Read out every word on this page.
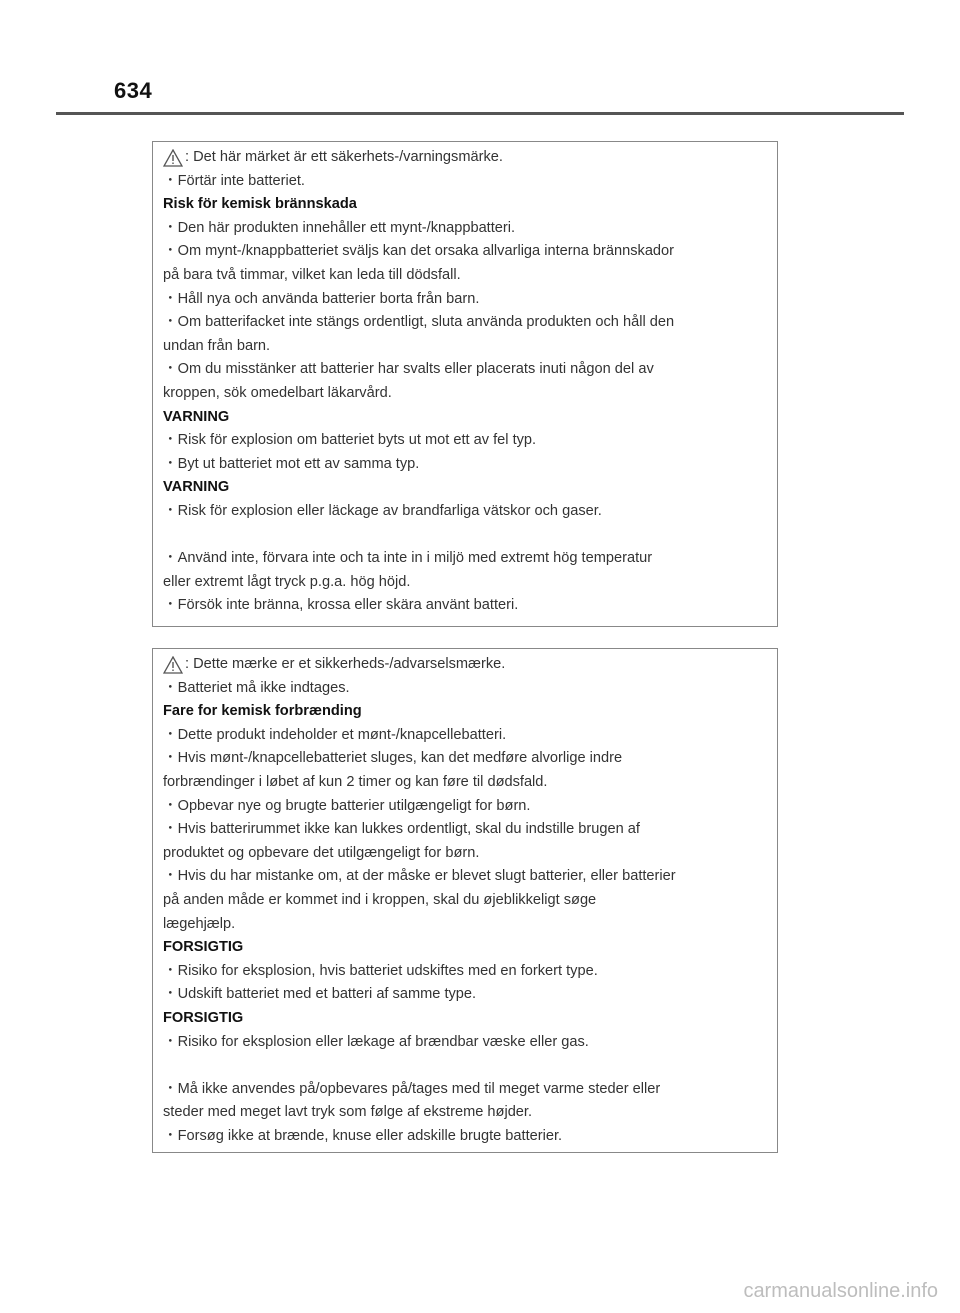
634
: Det här märket är ett säkerhets-/varningsmärke.
・Förtär inte batteriet.
Risk för kemisk brännskada
・Den här produkten innehåller ett mynt-/knappbatteri.
・Om mynt-/knappbatteriet sväljs kan det orsaka allvarliga interna brännskador
på bara två timmar, vilket kan leda till dödsfall.
・Håll nya och använda batterier borta från barn.
・Om batterifacket inte stängs ordentligt, sluta använda produkten och håll den
undan från barn.
・Om du misstänker att batterier har svalts eller placerats inuti någon del av
kroppen, sök omedelbart läkarvård.
VARNING
・Risk för explosion om batteriet byts ut mot ett av fel typ.
・Byt ut batteriet mot ett av samma typ.
VARNING
・Risk för explosion eller läckage av brandfarliga vätskor och gaser.
・Använd inte, förvara inte och ta inte in i miljö med extremt hög temperatur
eller extremt lågt tryck p.g.a. hög höjd.
・Försök inte bränna, krossa eller skära använt batteri.
: Dette mærke er et sikkerheds-/advarselsmærke.
・Batteriet må ikke indtages.
Fare for kemisk forbrænding
・Dette produkt indeholder et mønt-/knapcellebatteri.
・Hvis mønt-/knapcellebatteriet sluges, kan det medføre alvorlige indre
forbrændinger i løbet af kun 2 timer og kan føre til dødsfald.
・Opbevar nye og brugte batterier utilgængeligt for børn.
・Hvis batterirummet ikke kan lukkes ordentligt, skal du indstille brugen af
produktet og opbevare det utilgængeligt for børn.
・Hvis du har mistanke om, at der måske er blevet slugt batterier, eller batterier
på anden måde er kommet ind i kroppen, skal du øjeblikkeligt søge
lægehjælp.
FORSIGTIG
・Risiko for eksplosion, hvis batteriet udskiftes med en forkert type.
・Udskift batteriet med et batteri af samme type.
FORSIGTIG
・Risiko for eksplosion eller lækage af brændbar væske eller gas.
・Må ikke anvendes på/opbevares på/tages med til meget varme steder eller
steder med meget lavt tryk som følge af ekstreme højder.
・Forsøg ikke at brænde, knuse eller adskille brugte batterier.
carmanualsonline.info
